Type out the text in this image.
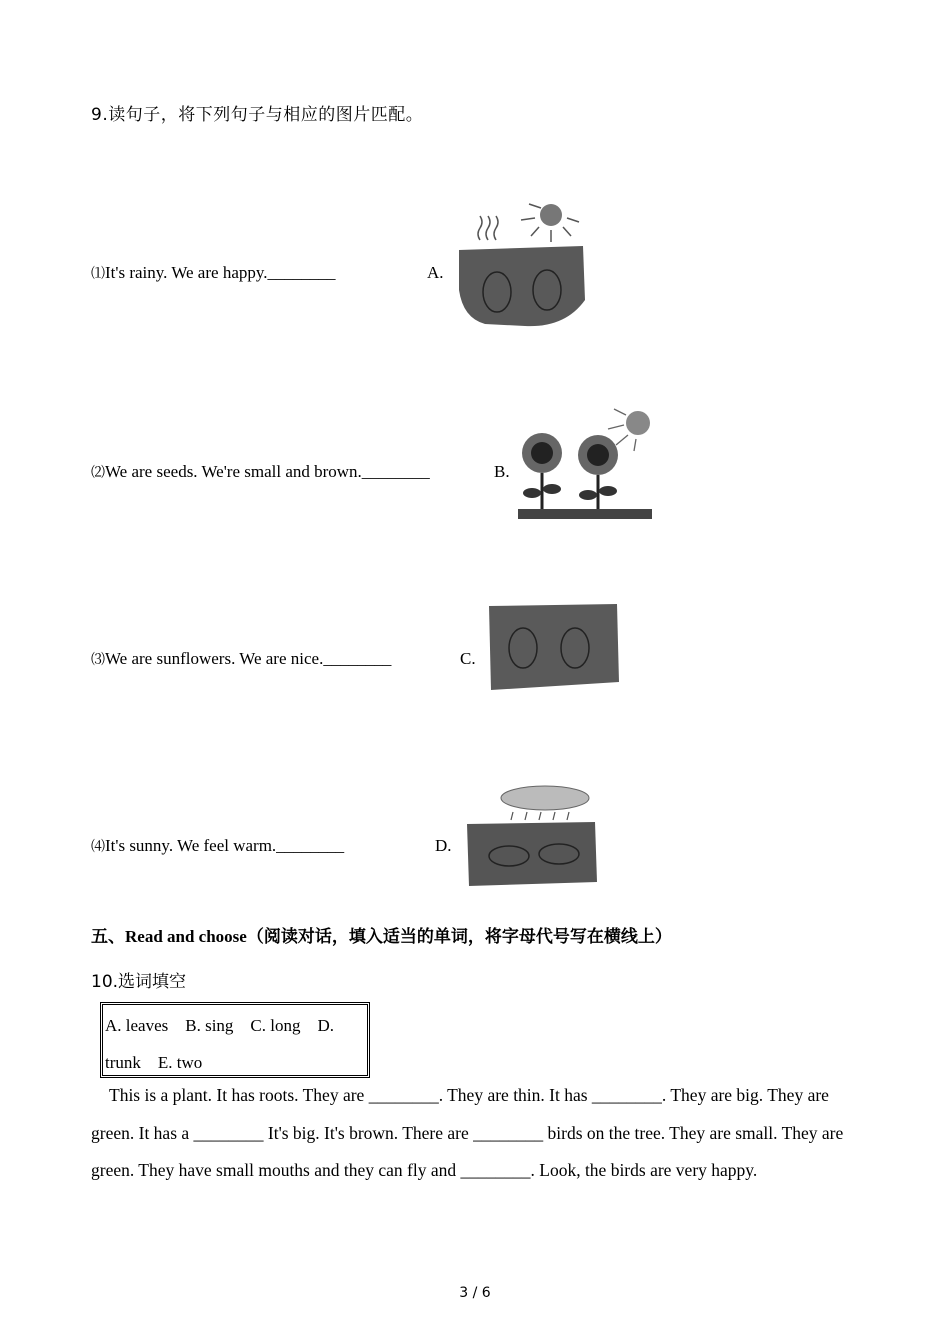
9.读句子，将下列句子与相应的图片匹配。
⑴It's rainy. We are happy.________	A.
⑵We are seeds. We're small and brown.________	B.
⑶We are sunflowers. We are nice.________	C.
⑷It's sunny. We feel warm.________	D.
五、Read and choose（阅读对话，填入适当的单词，将字母代号写在横线上）
10.选词填空
A. leaves    B. sing    C. long    D.
trunk    E. two
This is a plant. It has roots. They are ________. They are thin. It has ________. They are big. They are green. It has a ________ It's big. It's brown. There are ________ birds on the tree. They are small. They are green. They have small mouths and they can fly and ________. Look, the birds are very happy.
3 / 6
